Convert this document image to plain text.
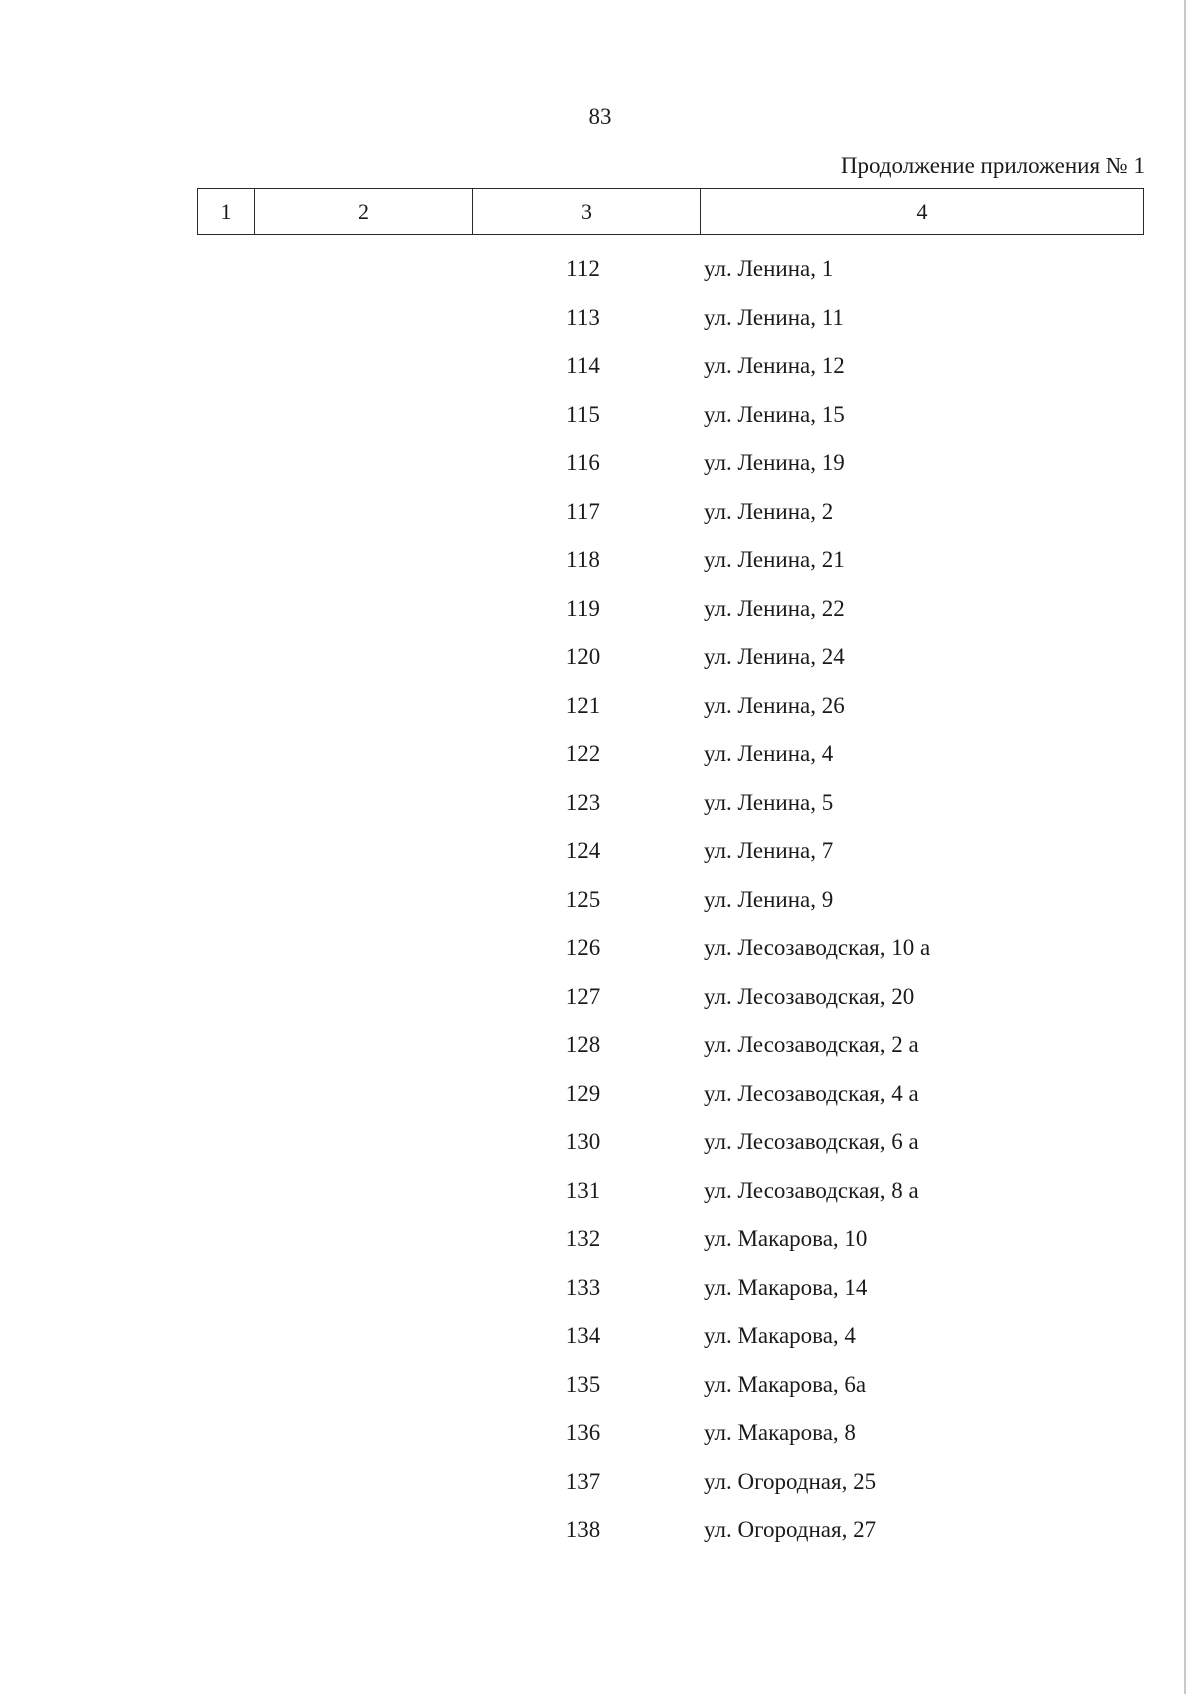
83
Продолжение приложения № 1
1	2	3	4
112	ул. Ленина, 1
113	ул. Ленина, 11
114	ул. Ленина, 12
115	ул. Ленина, 15
116	ул. Ленина, 19
117	ул. Ленина, 2
118	ул. Ленина, 21
119	ул. Ленина, 22
120	ул. Ленина, 24
121	ул. Ленина, 26
122	ул. Ленина, 4
123	ул. Ленина, 5
124	ул. Ленина, 7
125	ул. Ленина, 9
126	ул. Лесозаводская, 10 а
127	ул. Лесозаводская, 20
128	ул. Лесозаводская, 2 а
129	ул. Лесозаводская, 4 а
130	ул. Лесозаводская, 6 а
131	ул. Лесозаводская, 8 а
132	ул. Макарова, 10
133	ул. Макарова, 14
134	ул. Макарова, 4
135	ул. Макарова, 6а
136	ул. Макарова, 8
137	ул. Огородная, 25
138	ул. Огородная, 27
